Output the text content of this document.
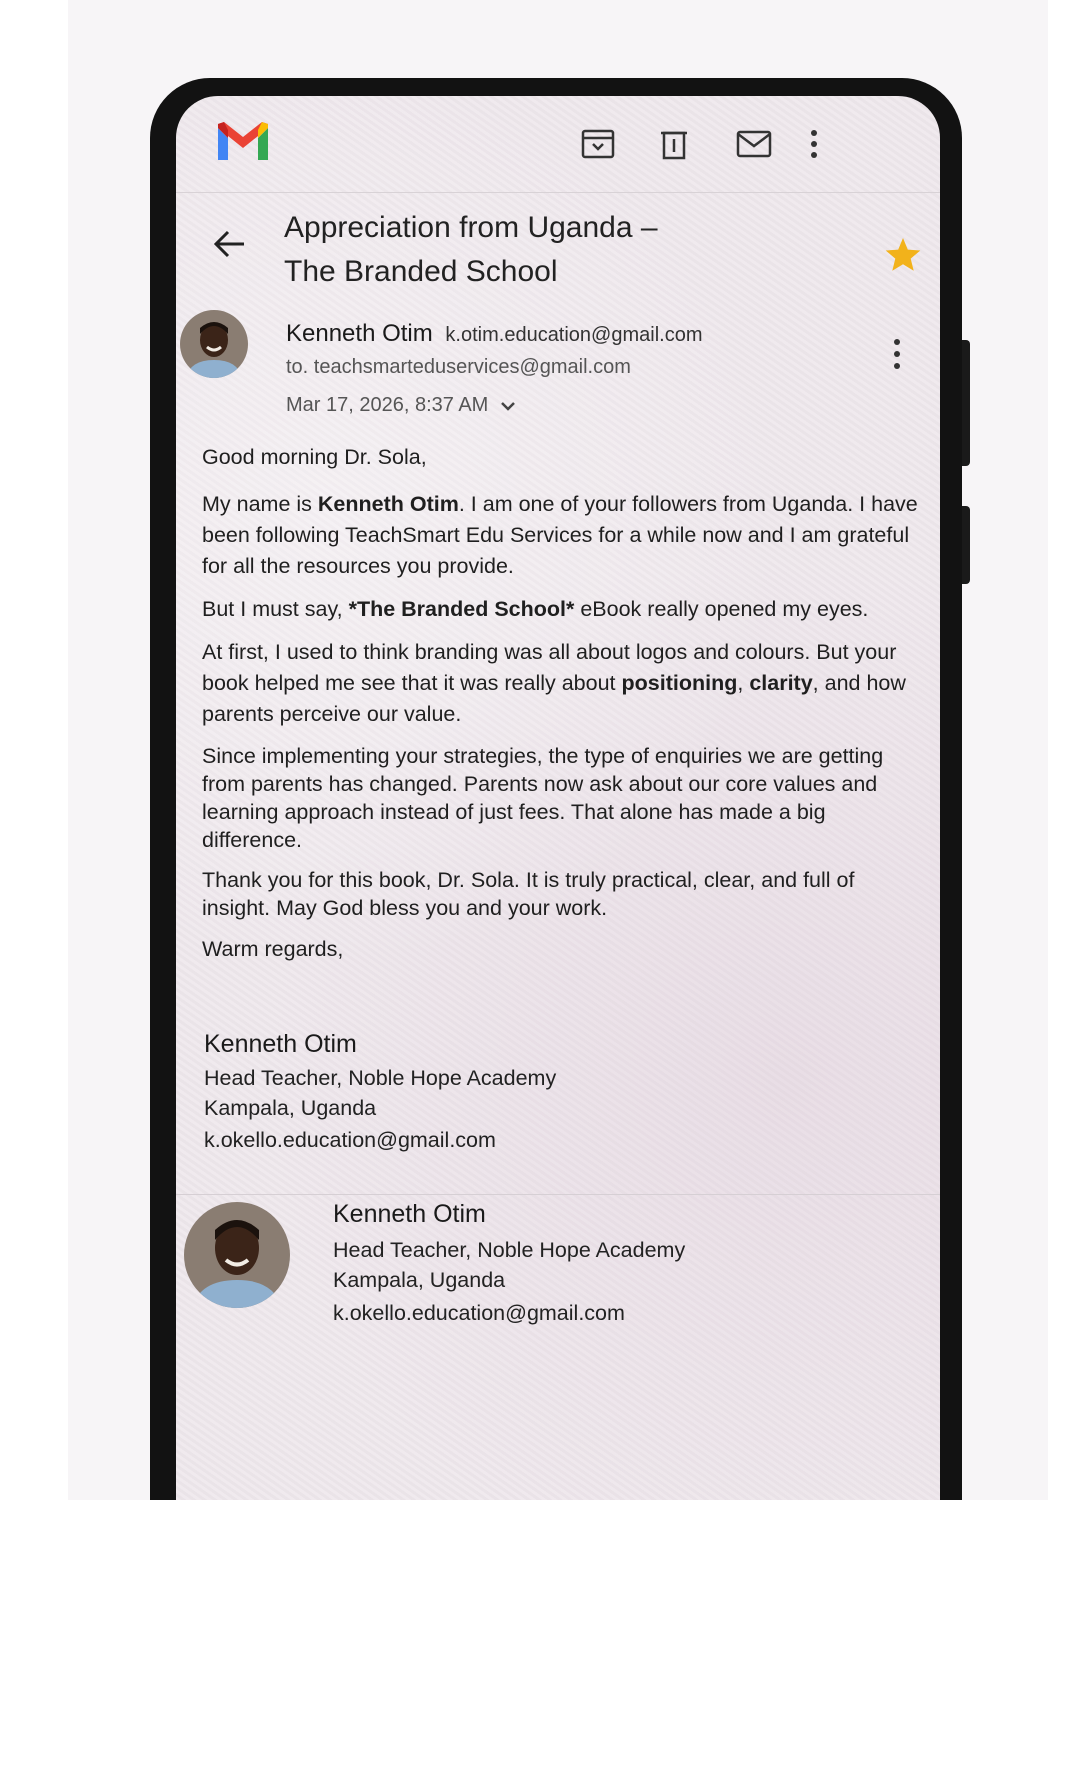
Appreciation from Uganda –
The Branded School
Kenneth Otim k.otim.education@gmail.com
to. teachsmarteduservices@gmail.com
Mar 17, 2026, 8:37 AM

Good morning Dr. Sola,

My name is Kenneth Otim. I am one of your followers from Uganda. I have been following TeachSmart Edu Services for a while now and I am grateful for all the resources you provide.

But I must say, *The Branded School* eBook really opened my eyes.

At first, I used to think branding was all about logos and colours. But your book helped me see that it was really about positioning, clarity, and how parents perceive our value.

Since implementing your strategies, the type of enquiries we are getting from parents has changed. Parents now ask about our core values and learning approach instead of just fees. That alone has made a big difference.

Thank you for this book, Dr. Sola. It is truly practical, clear, and full of insight. May God bless you and your work.

Warm regards,

Kenneth Otim
Head Teacher, Noble Hope Academy
Kampala, Uganda
k.okello.education@gmail.com
Kenneth Otim
Head Teacher, Noble Hope Academy
Kampala, Uganda
k.okello.education@gmail.com
